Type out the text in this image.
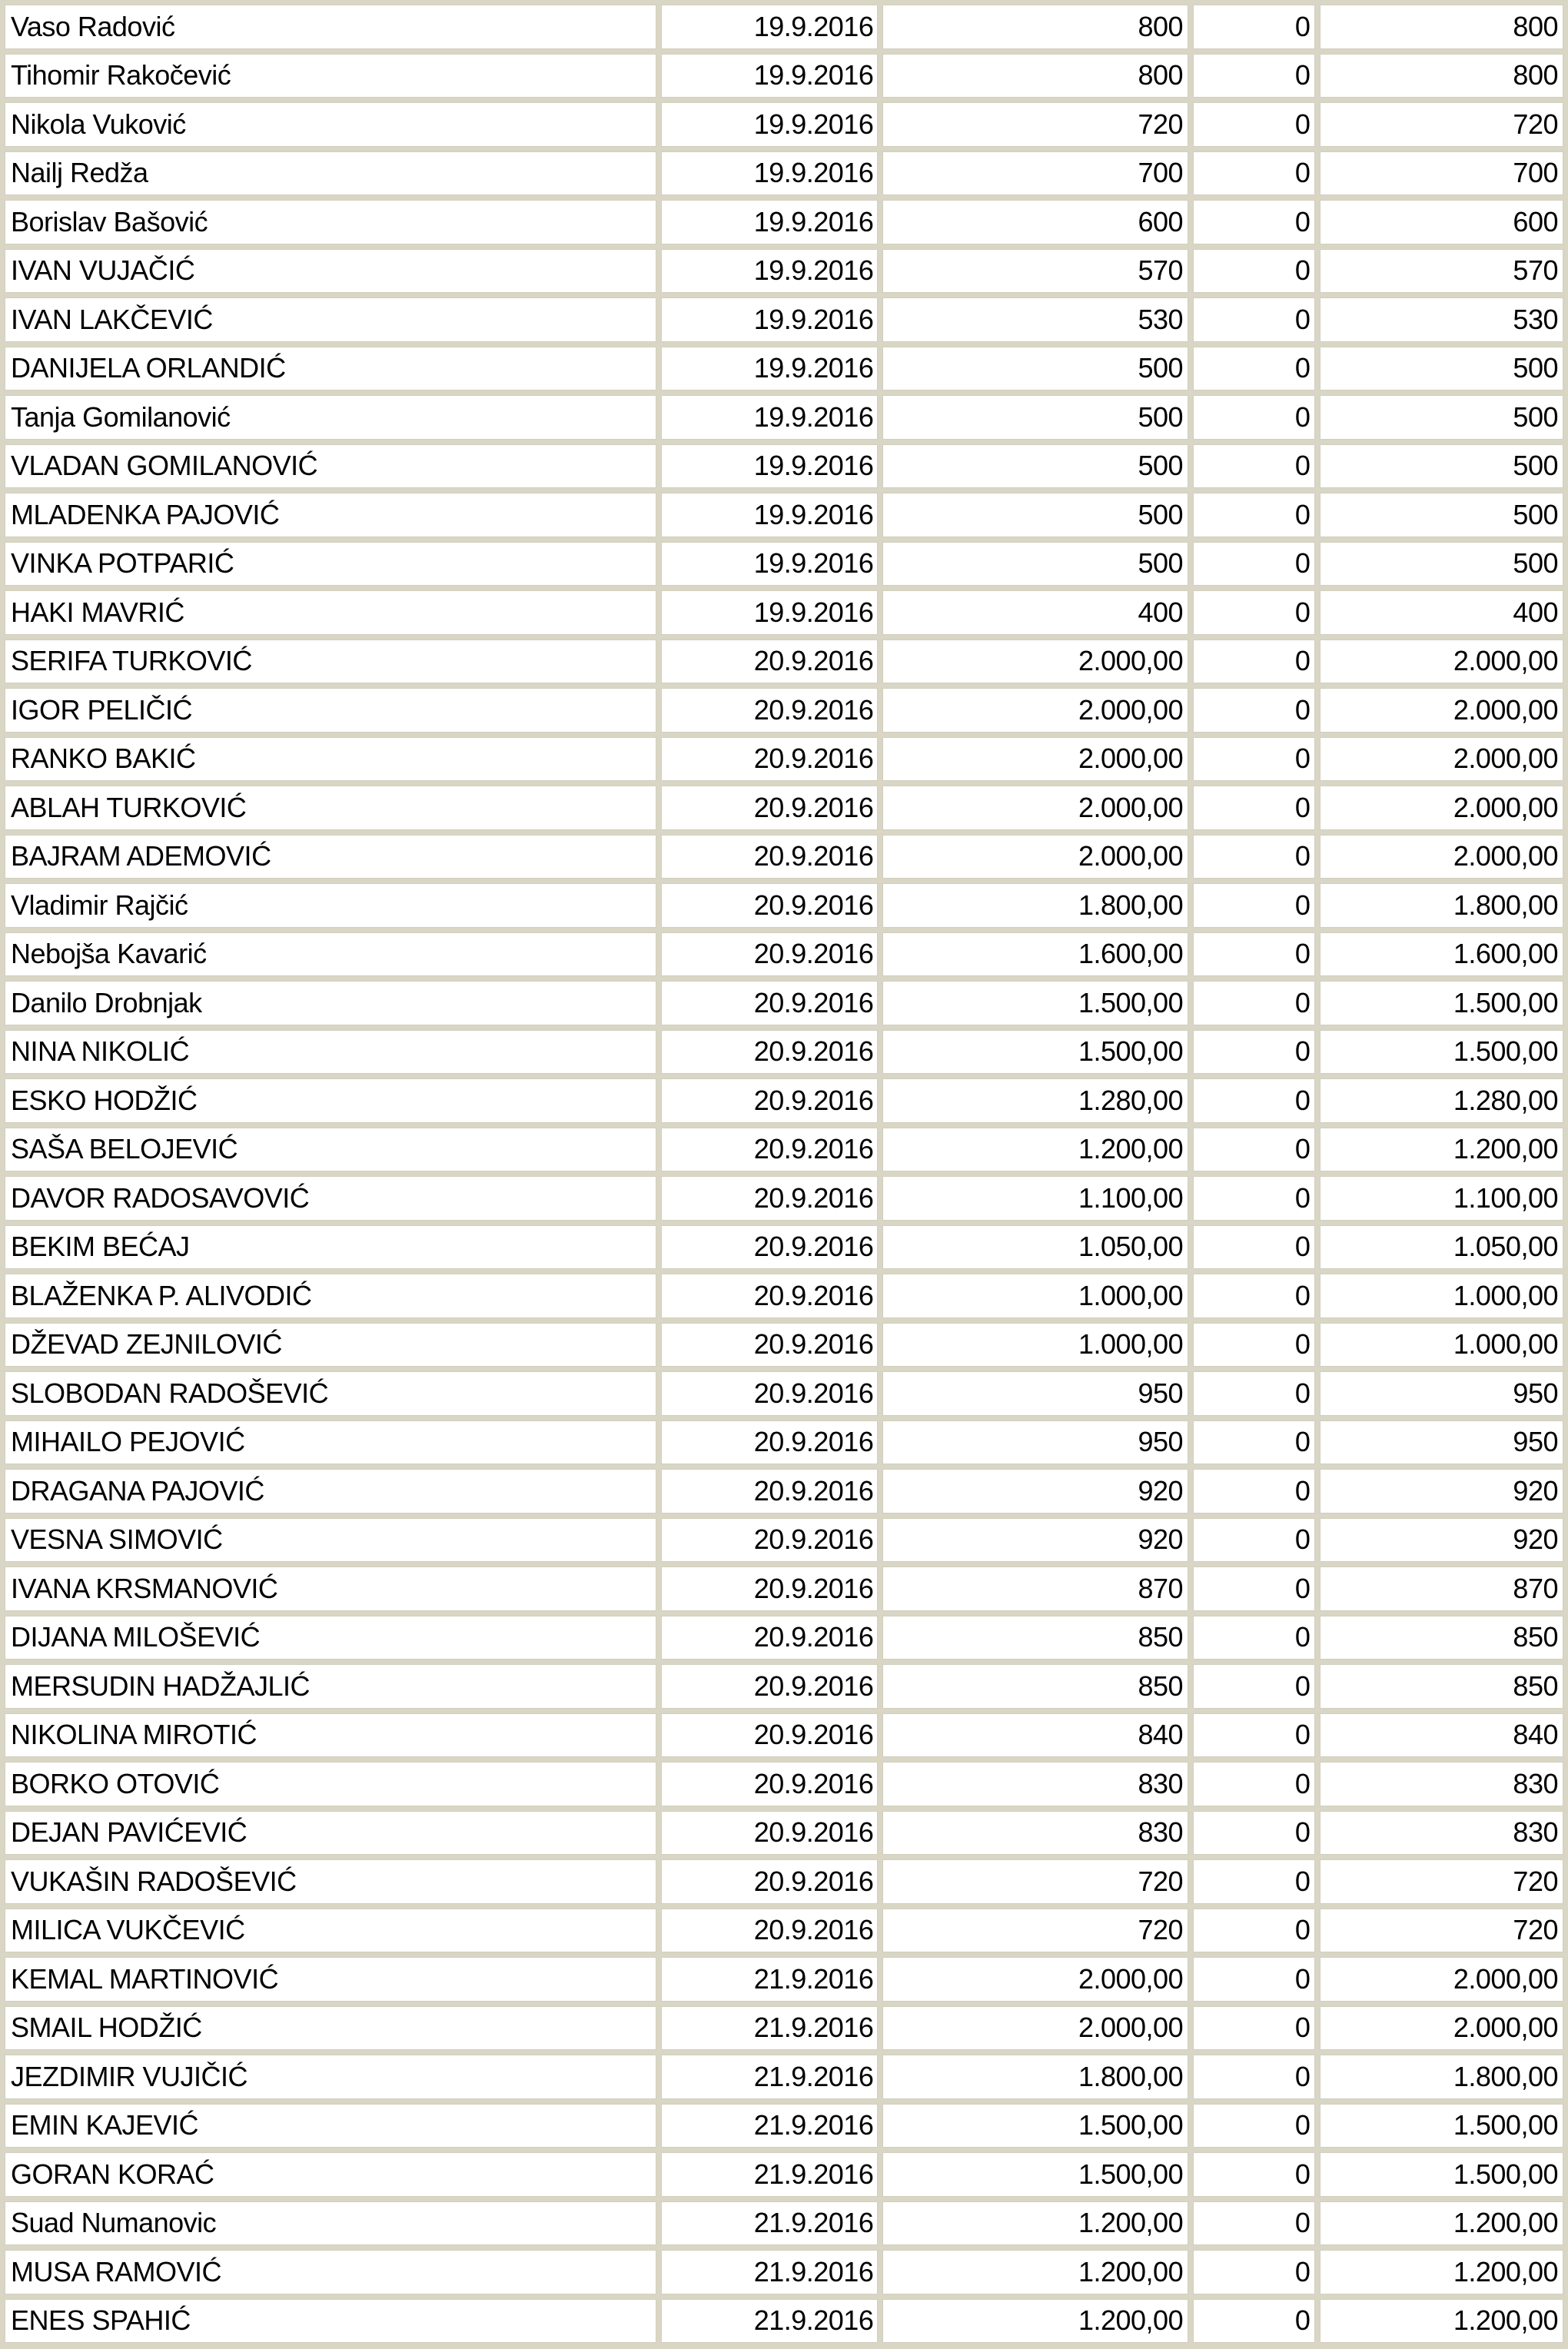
Vaso Radović	19.9.2016	800	0	800
Tihomir Rakočević	19.9.2016	800	0	800
Nikola Vuković	19.9.2016	720	0	720
Nailj Redža	19.9.2016	700	0	700
Borislav Bašović	19.9.2016	600	0	600
IVAN VUJAČIĆ	19.9.2016	570	0	570
IVAN LAKČEVIĆ	19.9.2016	530	0	530
DANIJELA ORLANDIĆ	19.9.2016	500	0	500
Tanja Gomilanović	19.9.2016	500	0	500
VLADAN GOMILANOVIĆ	19.9.2016	500	0	500
MLADENKA PAJOVIĆ	19.9.2016	500	0	500
VINKA POTPARIĆ	19.9.2016	500	0	500
HAKI MAVRIĆ	19.9.2016	400	0	400
SERIFA TURKOVIĆ	20.9.2016	2.000,00	0	2.000,00
IGOR PELIČIĆ	20.9.2016	2.000,00	0	2.000,00
RANKO BAKIĆ	20.9.2016	2.000,00	0	2.000,00
ABLAH TURKOVIĆ	20.9.2016	2.000,00	0	2.000,00
BAJRAM ADEMOVIĆ	20.9.2016	2.000,00	0	2.000,00
Vladimir Rajčić	20.9.2016	1.800,00	0	1.800,00
Nebojša Kavarić	20.9.2016	1.600,00	0	1.600,00
Danilo Drobnjak	20.9.2016	1.500,00	0	1.500,00
NINA NIKOLIĆ	20.9.2016	1.500,00	0	1.500,00
ESKO HODŽIĆ	20.9.2016	1.280,00	0	1.280,00
SAŠA BELOJEVIĆ	20.9.2016	1.200,00	0	1.200,00
DAVOR RADOSAVOVIĆ	20.9.2016	1.100,00	0	1.100,00
BEKIM BEĆAJ	20.9.2016	1.050,00	0	1.050,00
BLAŽENKA P. ALIVODIĆ	20.9.2016	1.000,00	0	1.000,00
DŽEVAD ZEJNILOVIĆ	20.9.2016	1.000,00	0	1.000,00
SLOBODAN RADOŠEVIĆ	20.9.2016	950	0	950
MIHAILO PEJOVIĆ	20.9.2016	950	0	950
DRAGANA PAJOVIĆ	20.9.2016	920	0	920
VESNA SIMOVIĆ	20.9.2016	920	0	920
IVANA KRSMANOVIĆ	20.9.2016	870	0	870
DIJANA MILOŠEVIĆ	20.9.2016	850	0	850
MERSUDIN HADŽAJLIĆ	20.9.2016	850	0	850
NIKOLINA MIROTIĆ	20.9.2016	840	0	840
BORKO OTOVIĆ	20.9.2016	830	0	830
DEJAN PAVIĆEVIĆ	20.9.2016	830	0	830
VUKAŠIN RADOŠEVIĆ	20.9.2016	720	0	720
MILICA VUKČEVIĆ	20.9.2016	720	0	720
KEMAL MARTINOVIĆ	21.9.2016	2.000,00	0	2.000,00
SMAIL HODŽIĆ	21.9.2016	2.000,00	0	2.000,00
JEZDIMIR VUJIČIĆ	21.9.2016	1.800,00	0	1.800,00
EMIN KAJEVIĆ	21.9.2016	1.500,00	0	1.500,00
GORAN KORAĆ	21.9.2016	1.500,00	0	1.500,00
Suad Numanovic	21.9.2016	1.200,00	0	1.200,00
MUSA RAMOVIĆ	21.9.2016	1.200,00	0	1.200,00
ENES SPAHIĆ	21.9.2016	1.200,00	0	1.200,00
